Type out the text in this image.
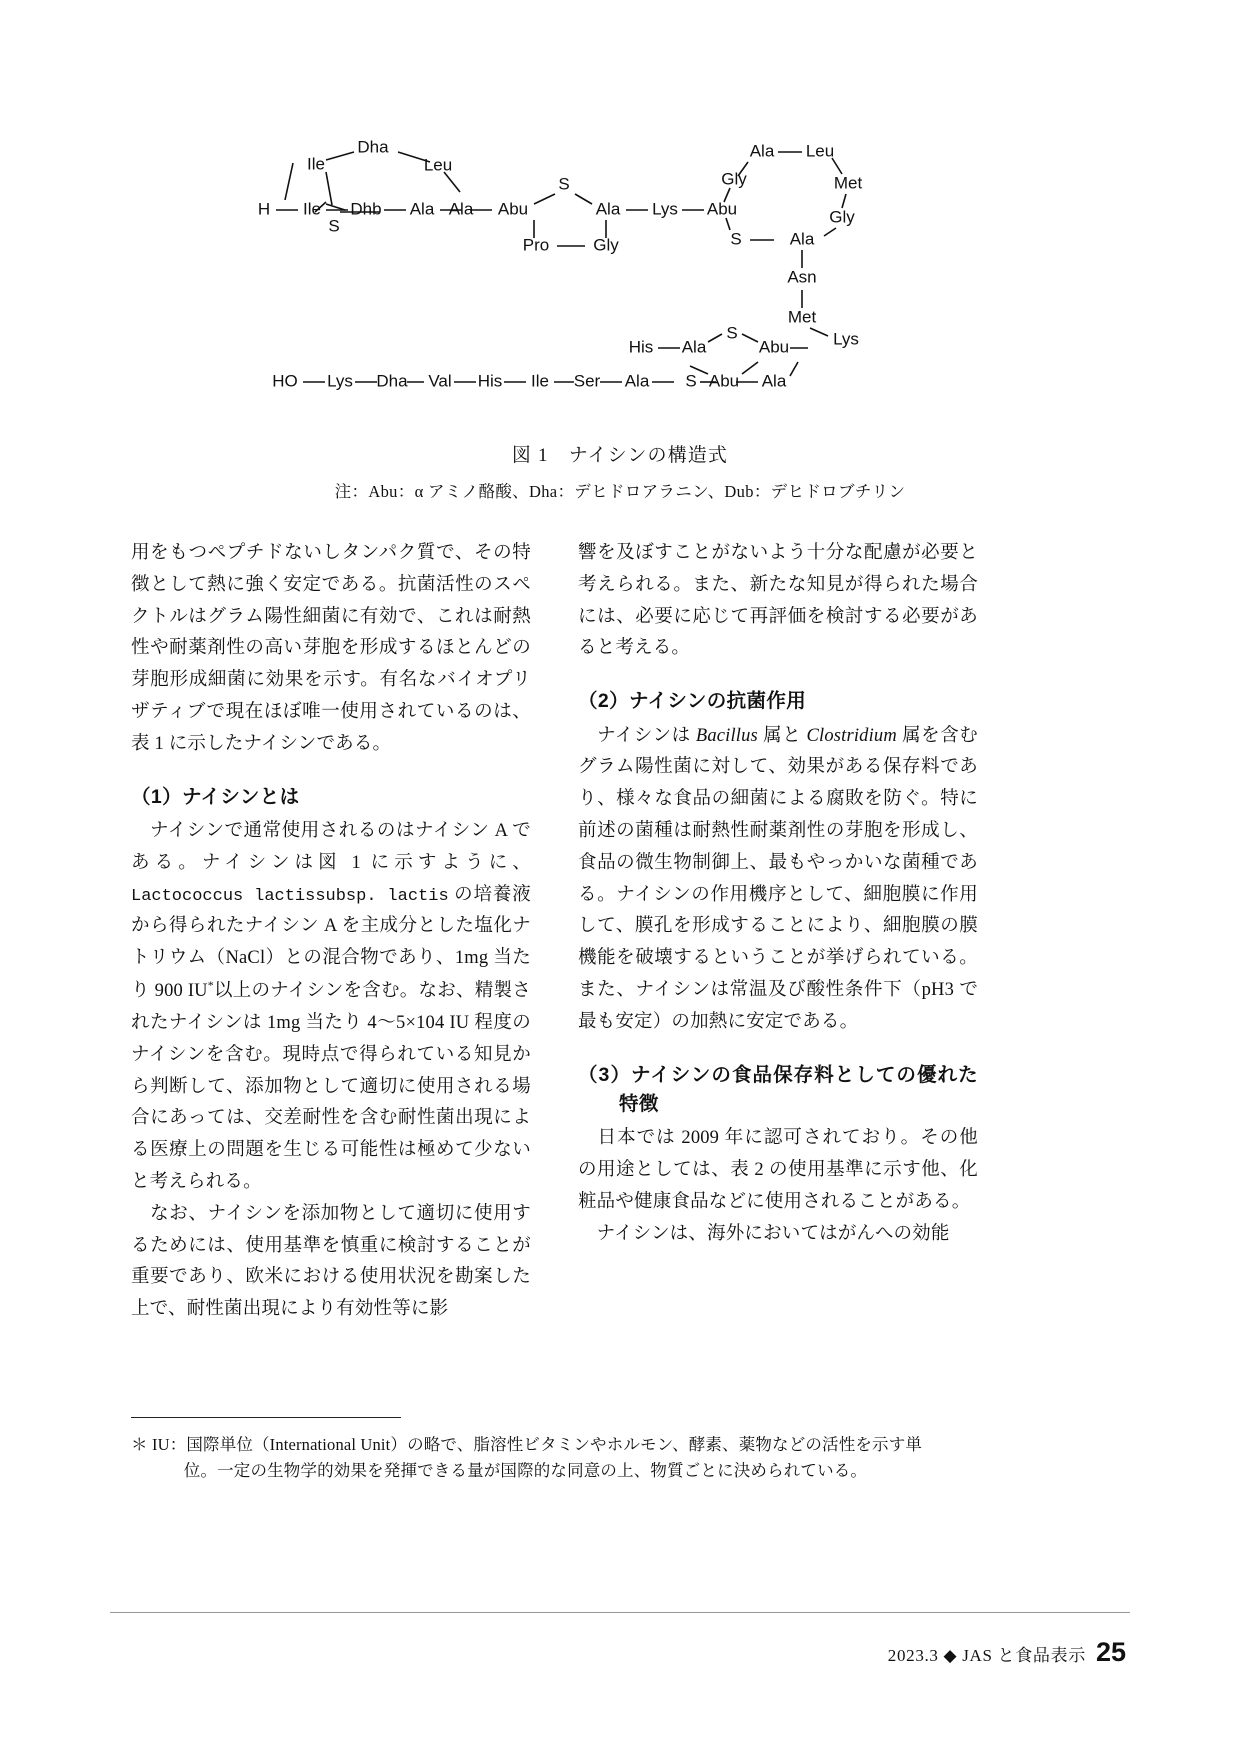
Dha
Ile	Leu
S
Ala
H Ile Dhb Ala	Abu
S
Ala Lys Abu
Pro	Gly
Gly
Ala Leu
Met
Gly
S	Ala
Asn
Met
Lys
His Ala
S
Abu
Abu Ala
S
HO Lys Dha Val His Ile Ser Ala
図 1　ナイシンの構造式
注：Abu：α アミノ酪酸、Dha：デヒドロアラニン、Dub：デヒドロブチリン

用をもつペプチドないしタンパク質で、その特徴として熱に強く安定である。抗菌活性のスペクトルはグラム陽性細菌に有効で、これは耐熱性や耐薬剤性の高い芽胞を形成するほとんどの芽胞形成細菌に効果を示す。有名なバイオプリザティブで現在ほぼ唯一使用されているのは、表 1 に示したナイシンである。

（1）ナイシンとは

　ナイシンで通常使用されるのはナイシン A である。ナイシンは図 1 に示すように、Lactococcus lactissubsp. lactis の培養液から得られたナイシン A を主成分とした塩化ナトリウム（NaCl）との混合物であり、1mg 当たり 900 IU*以上のナイシンを含む。なお、精製されたナイシンは 1mg 当たり 4〜5×104 IU 程度のナイシンを含む。現時点で得られている知見から判断して、添加物として適切に使用される場合にあっては、交差耐性を含む耐性菌出現による医療上の問題を生じる可能性は極めて少ないと考えられる。

　なお、ナイシンを添加物として適切に使用するためには、使用基準を慎重に検討することが重要であり、欧米における使用状況を勘案した上で、耐性菌出現により有効性等に影

響を及ぼすことがないよう十分な配慮が必要と考えられる。また、新たな知見が得られた場合には、必要に応じて再評価を検討する必要があると考える。

（2）ナイシンの抗菌作用

　ナイシンは Bacillus 属と Clostridium 属を含むグラム陽性菌に対して、効果がある保存料であり、様々な食品の細菌による腐敗を防ぐ。特に前述の菌種は耐熱性耐薬剤性の芽胞を形成し、食品の微生物制御上、最もやっかいな菌種である。ナイシンの作用機序として、細胞膜に作用して、膜孔を形成することにより、細胞膜の膜機能を破壊するということが挙げられている。また、ナイシンは常温及び酸性条件下（pH3 で最も安定）の加熱に安定である。

（3）ナイシンの食品保存料としての優れた特徴

　日本では 2009 年に認可されており。その他の用途としては、表 2 の使用基準に示す他、化粧品や健康食品などに使用されることがある。

　ナイシンは、海外においてはがんへの効能

＊ IU：国際単位（International Unit）の略で、脂溶性ビタミンやホルモン、酵素、薬物などの活性を示す単
位。一定の生物学的効果を発揮できる量が国際的な同意の上、物質ごとに決められている。
2023.3 ◆ JAS と食品表示 25
